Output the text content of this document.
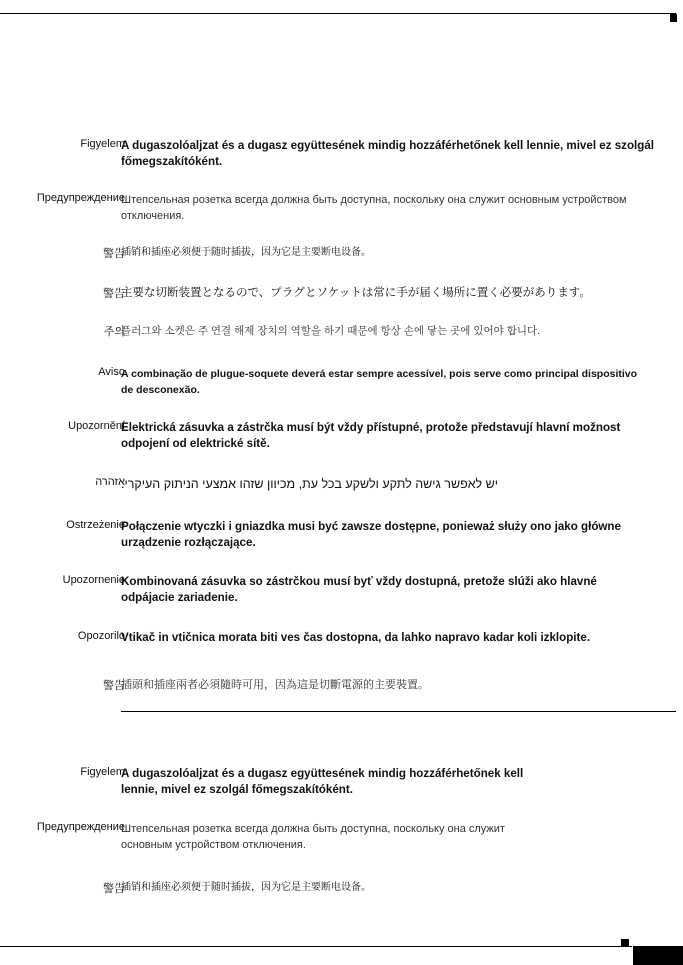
Figyelem
A dugaszolóaljzat és a dugasz együttesének mindig hozzáférhetőnek kell lennie, mivel ez szolgál főmegszakítóként.
Предупреждение
Штепсельная розетка всегда должна быть доступна, поскольку она служит основным устройством отключения.
警告
插销和插座必须便于随时插拔，因为它是主要断电设备。
警告
主要な切断装置となるので、プラグとソケットは常に手が届く場所に置く必要があります。
주의
플러그와 소켓은 주 연결 해제 장치의 역할을 하기 때문에 항상 손에 닿는 곳에 있어야 합니다.
Aviso
A combinação de plugue-soquete deverá estar sempre acessível, pois serve como principal dispositivo de desconexão.
Upozornění
Elektrická zásuvka a zástrčka musí být vždy přístupné, protože představují hlavní možnost odpojení od elektrické sítě.
אזהרה
יש לאפשר גישה לתקע ולשקע בכל עת, מכיוון שזהו אמצעי הניתוק העיקרי.
Ostrzeżenie
Połączenie wtyczki i gniazdka musi być zawsze dostępne, ponieważ służy ono jako główne urządzenie rozłączające.
Upozornenie
Kombinovaná zásuvka so zástrčkou musí byť vždy dostupná, pretože slúži ako hlavné odpájacie zariadenie.
Opozorilo
Vtikač in vtičnica morata biti ves čas dostopna, da lahko napravo kadar koli izklopite.
警告
插頭和插座兩者必須隨時可用，因為這是切斷電源的主要裝置。
Figyelem
A dugaszolóaljzat és a dugasz együttesének mindig hozzáférhetőnek kell lennie, mivel ez szolgál főmegszakítóként.
Предупреждение
Штепсельная розетка всегда должна быть доступна, поскольку она служит основным устройством отключения.
警告
插销和插座必须便于随时插拔，因为它是主要断电设备。
